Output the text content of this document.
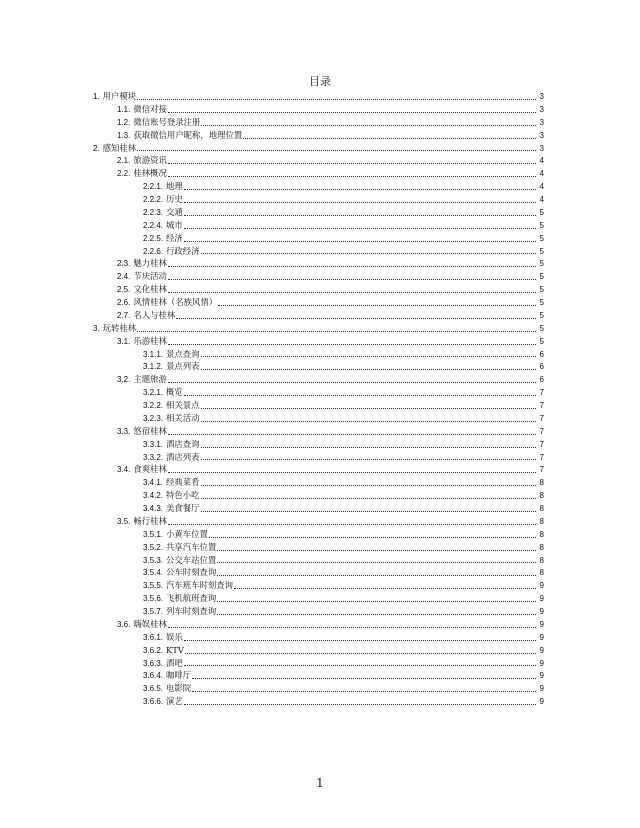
目录
1. 用户模块	3
1.1. 微信对接	3
1.2. 微信账号登录注册	3
1.3. 获取微信用户昵称，地理位置	3
2. 感知桂林	3
2.1. 旅游资讯	4
2.2. 桂林概况	4
2.2.1. 地理	4
2.2.2. 历史	4
2.2.3. 交通	5
2.2.4. 城市	5
2.2.5. 经济	5
2.2.6. 行政经济	5
2.3. 魅力桂林	5
2.4. 节庆活动	5
2.5. 文化桂林	5
2.6. 风情桂林（名族风情）	5
2.7. 名人与桂林	5
3. 玩转桂林	5
3.1. 乐游桂林	5
3.1.1. 景点查询	6
3.1.2. 景点列表	6
3.2. 主题旅游	6
3.2.1. 概览	7
3.2.2. 相关景点	7
3.2.3. 相关活动	7
3.3. 悠宿桂林	7
3.3.1. 酒店查询	7
3.3.2. 酒店列表	7
3.4. 食爽桂林	7
3.4.1. 经典菜肴	8
3.4.2. 特色小吃	8
3.4.3. 美食餐厅	8
3.5. 畅行桂林	8
3.5.1. 小黄车位置	8
3.5.2. 共享汽车位置	8
3.5.3. 公交车站位置	8
3.5.4. 公车时刻查询	8
3.5.5. 汽车班车时刻查询	9
3.5.6. 飞机航班查询	9
3.5.7. 列车时刻查询	9
3.6. 嗨娱桂林	9
3.6.1. 娱乐	9
3.6.2. KTV	9
3.6.3. 酒吧	9
3.6.4. 咖啡厅	9
3.6.5. 电影院	9
3.6.6. 演艺	9
1
